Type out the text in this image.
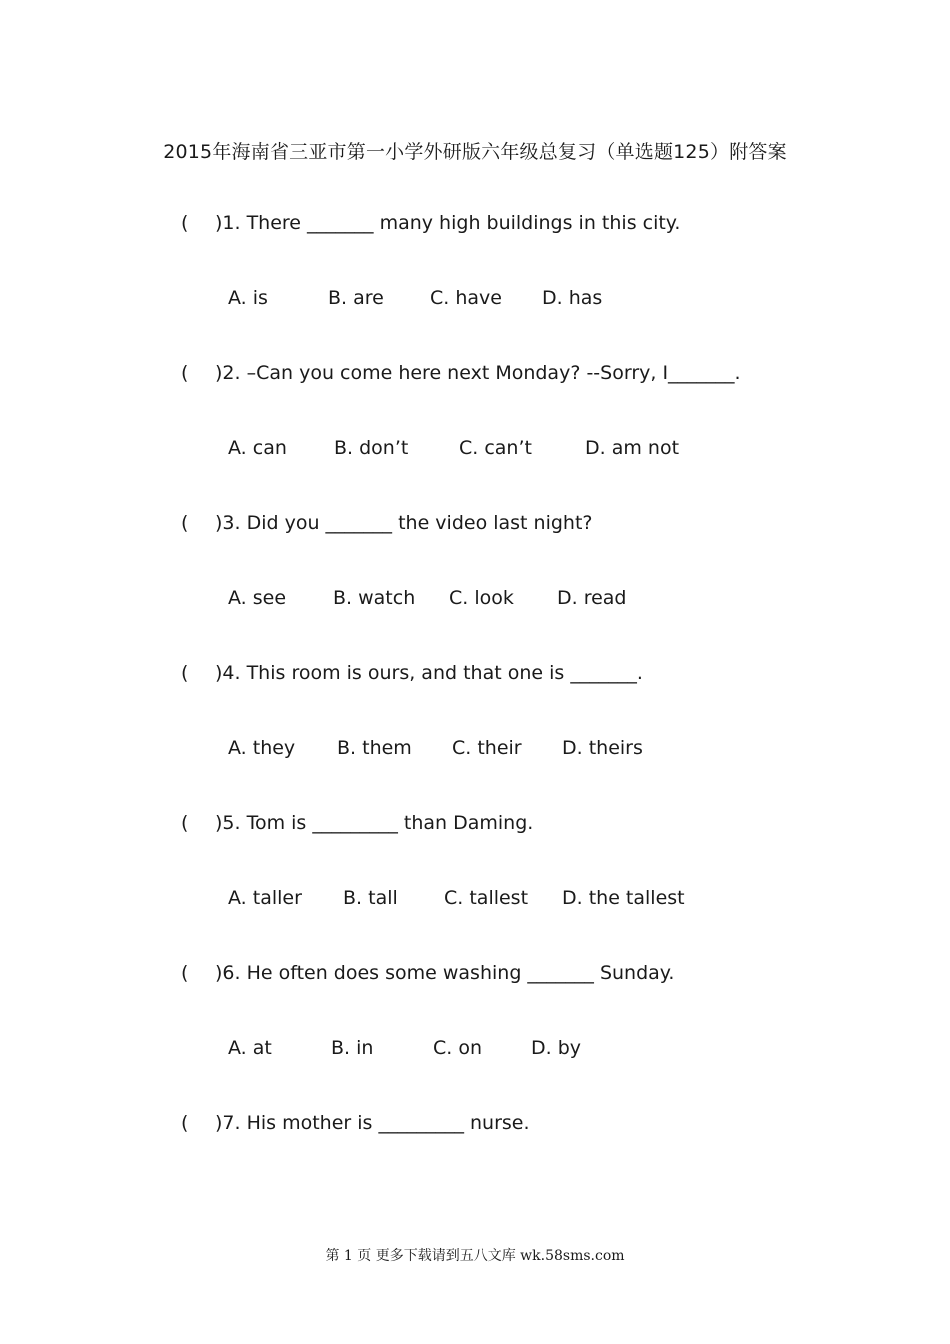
2015年海南省三亚市第一小学外研版六年级总复习（单选题125）附答案
(	)1. There _______ many high buildings in this city.
A. is	B. are C. have D. has
(	)2. –Can you come here next Monday? --Sorry, I_______.
A. can B. don’t	C. can’t	D. am not
(	)3. Did you _______ the video last night?
A. see B. watch C. look D. read
(	)4. This room is ours, and that one is _______.
A. they B. them C. their D. theirs
(	)5. Tom is _________ than Daming.
A. taller B. tall C. tallest D. the tallest
(	)6. He often does some washing _______ Sunday.
A. at	B. in	C. on	D. by
(	)7. His mother is _________ nurse.
第 1 页 更多下载请到五八文库 wk.58sms.com
